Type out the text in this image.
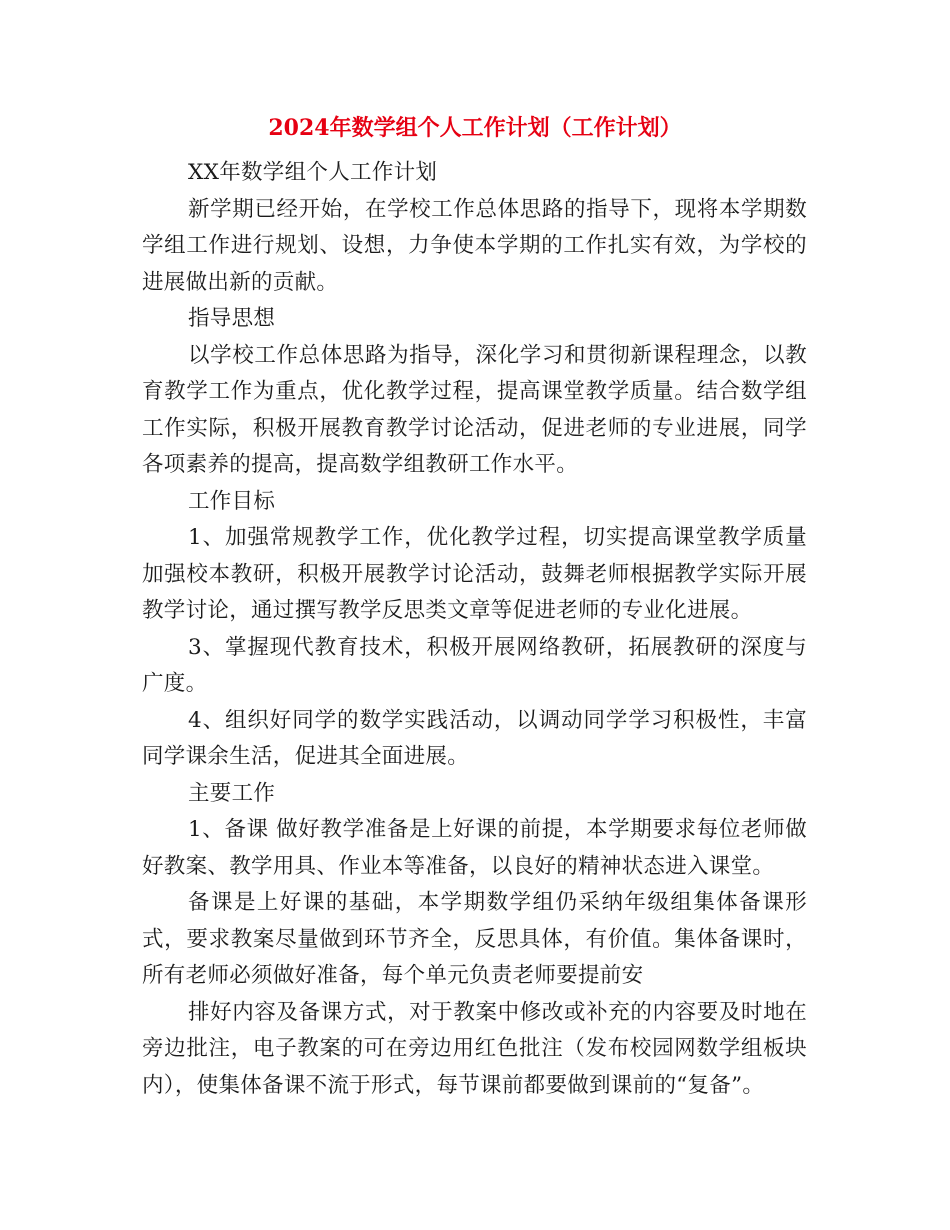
2024年数学组个人工作计划（工作计划）

XX年数学组个人工作计划

新学期已经开始，在学校工作总体思路的指导下，现将本学期数学组工作进行规划、设想，力争使本学期的工作扎实有效，为学校的进展做出新的贡献。

指导思想

以学校工作总体思路为指导，深化学习和贯彻新课程理念，以教育教学工作为重点，优化教学过程，提高课堂教学质量。结合数学组工作实际，积极开展教育教学讨论活动，促进老师的专业进展，同学各项素养的提高，提高数学组教研工作水平。

工作目标

1、加强常规教学工作，优化教学过程，切实提高课堂教学质量加强校本教研，积极开展教学讨论活动，鼓舞老师根据教学实际开展教学讨论，通过撰写教学反思类文章等促进老师的专业化进展。

3、掌握现代教育技术，积极开展网络教研，拓展教研的深度与广度。

4、组织好同学的数学实践活动，以调动同学学习积极性，丰富同学课余生活，促进其全面进展。

主要工作

1、备课 做好教学准备是上好课的前提，本学期要求每位老师做好教案、教学用具、作业本等准备，以良好的精神状态进入课堂。

备课是上好课的基础，本学期数学组仍采纳年级组集体备课形式，要求教案尽量做到环节齐全，反思具体，有价值。集体备课时，所有老师必须做好准备，每个单元负责老师要提前安

排好内容及备课方式，对于教案中修改或补充的内容要及时地在旁边批注，电子教案的可在旁边用红色批注（发布校园网数学组板块内），使集体备课不流于形式，每节课前都要做到课前的“复备”。
